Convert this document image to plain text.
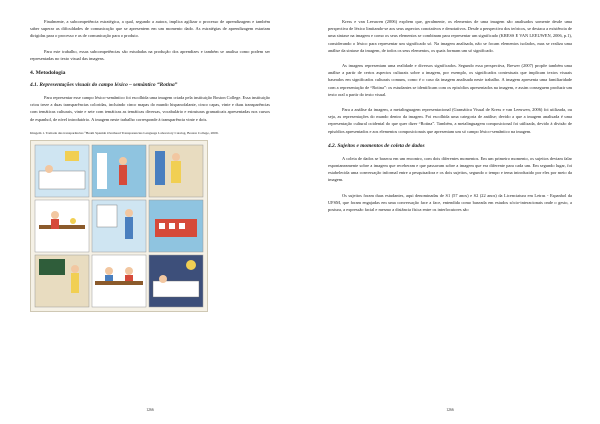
Finalmente, a subcompetência estratégica, a qual, segundo a autora, implica agilizar o processo de aprendizagem e também saber superar as dificuldades de comunicação que se apresentem em um momento dado. As estratégias de aprendizagem estariam dirigidas para o processo e as de comunicação para o produto.

Para este trabalho, essas subcompetências são estudadas na produção dos aprendizes e também se analisa como podem ser representadas no texto visual das imagens.

4. Metodologia
4.1. Representações visuais do campo léxico – semântico “Rotina”

Para representar esse campo léxico-semântico foi escolhida uma imagem criada pela instituição Boston College. Essa instituição criou treze a duas transparências coloridas, incluindo cinco mapas do mundo hispanofalante, cinco capas, vinte e duas transparências com temáticas culturais, vinte e sete com temáticas as temáticas diversas, vocabulário e estruturas gramaticais apresentadas nos cursos de espanhol, de nível introdutório. A imagem neste trabalho corresponde à transparência vinte e dois.

Imagem 1. Tomada das transparências “Heath Spanish Overhead Transparencies Language Laboratory Catalog, Boston College, 2009.
1266

Kress e van Leeuwen (2006) expõem que, geralmente, os elementos de uma imagem são analisados somente desde uma perspectiva de léxico limitando-se aos seus aspectos conotativos e denotativos. Desde a perspectiva dos teóricos, se destaca a existência de uma sintaxe na imagem e como os seus elementos se combinam para representar um significado (KRESS E VAN LEEUWEN, 2006, p.1), considerando o léxico para representar um significado só. Na imagem analisada, não se focam elementos isolados, mas se realiza uma análise da sintaxe da imagem, de todos os seus elementos, os quais formam um só significado.

As imagens representam uma realidade e diversos significados. Segundo essa perspectiva, Brewer (2007) propõe também uma análise a partir de certos aspectos culturais sobre a imagem, por exemplo, os significados contextuais que implicam textos visuais baseados em significados culturais comuns, como é o caso da imagem analisada neste trabalho. A imagem apresenta uma familiaridade com a representação de “Rotina”: os estudantes se identificam com os episódios apresentados na imagem, e assim conseguem produzir um texto oral a partir do texto visual.

Para a análise da imagem, a metalinguagem representacional (Gramática Visual de Kress e van Leeuwen, 2006) foi utilizada, ou seja, as representações do mundo dentro da imagem. Foi escolhida uma categoria de análise; devido a que a imagem analisada é uma representação cultural ocidental do que quer dizer “Rotina”. Também, a metalinguagem composicional foi utilizada, devido à divisão de episódios apresentados e aos elementos composicionais que apresentam um só campo léxico-semântico na imagem.

4.2. Sujeitos e momentos de coleta de dados

A coleta de dados se baseou em um encontro, com dois diferentes momentos. Em um primeiro momento, os sujeitos deviam falar espontaneamente sobre a imagem que receberam e que passavam sobre a imagem que era diferente para cada um. Em segundo lugar, foi estabelecida uma conversação informal entre a pesquisadora e os dois sujeitos, segundo o tempo e tema introduzido por eles por meio da imagem.

Os sujeitos foram duas estudantes, aqui denominadas de S1 (57 anos) e S2 (22 anos) da Licenciatura em Letras - Espanhol da UFSM, que foram engajadas em uma conversação face a face, entendida como baseada em estudos sócio-interacionais onde o gesto, a postura, a expressão facial e mesmo a distância física entre os interlocutores são

1266
